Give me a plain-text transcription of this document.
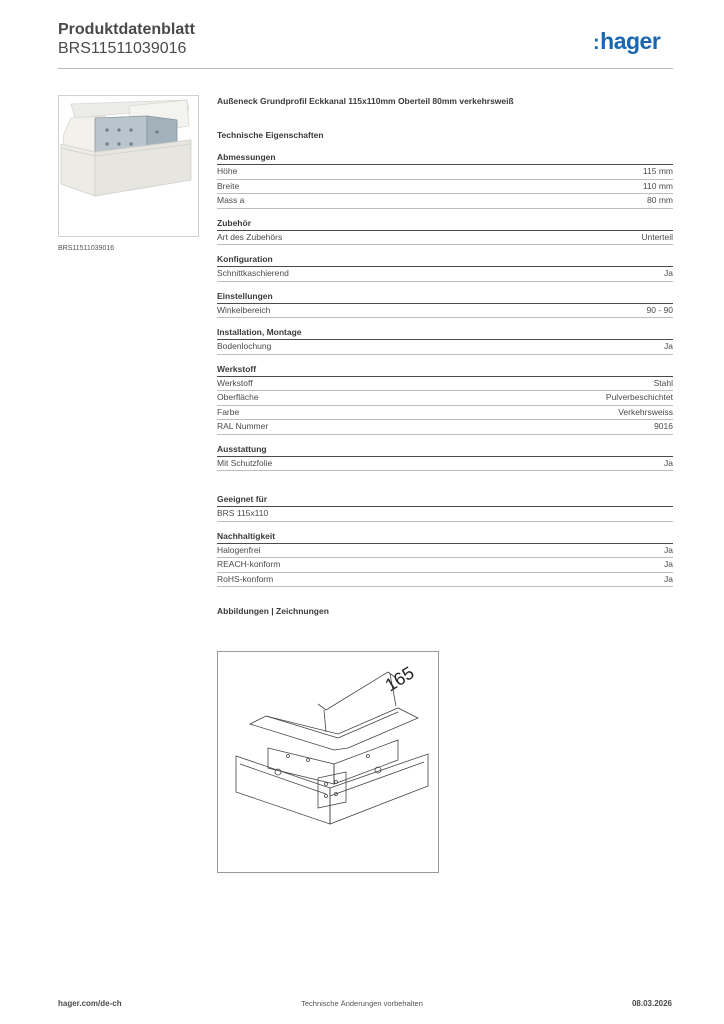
Produktdatenblatt
BRS11511039016	:hager
BRS11511039016
Außeneck Grundprofil Eckkanal 115x110mm Oberteil 80mm verkehrsweiß
Technische Eigenschaften
Abmessungen
Höhe	115 mm
Breite	110 mm
Mass a	80 mm
Zubehör
Art des Zubehörs	Unterteil
Konfiguration
Schnittkaschierend	Ja
Einstellungen
Winkelbereich	90 - 90
Installation, Montage
Bodenlochung	Ja
Werkstoff
Werkstoff	Stahl
Oberfläche	Pulverbeschichtet
Farbe	Verkehrsweiss
RAL Nummer	9016
Ausstattung
Mit Schutzfolie	Ja
Geeignet für
BRS 115x110
Nachhaltigkeit
Halogenfrei	Ja
REACH-konform	Ja
RoHS-konform	Ja
Abbildungen | Zeichnungen
165
hager.com/de-ch	Technische Änderungen vorbehalten	08.03.2026
